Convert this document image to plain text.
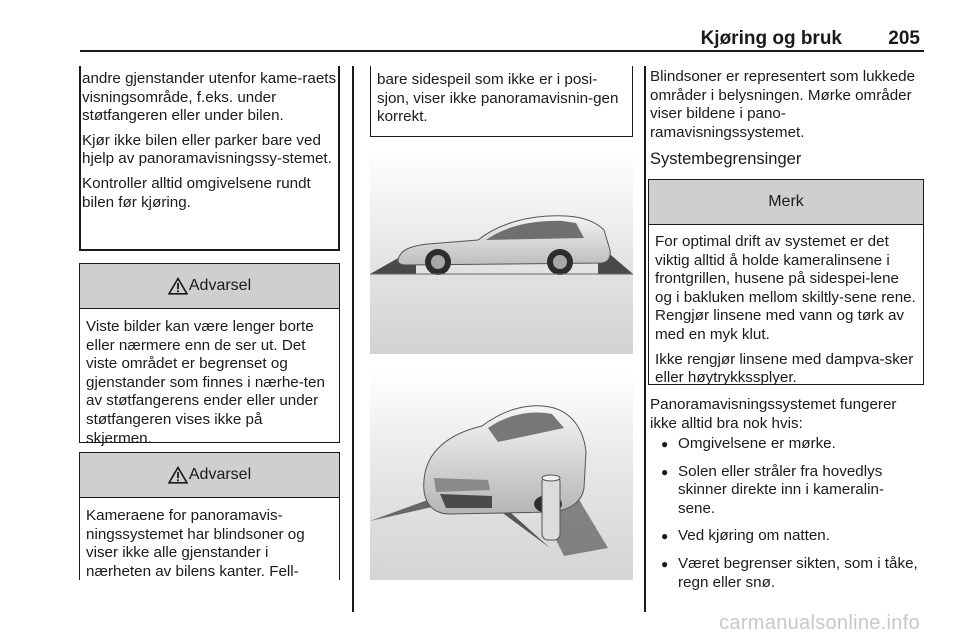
Kjøring og bruk 205

andre gjenstander utenfor kame-raets visningsområde, f.eks. under støtfangeren eller under bilen.

Kjør ikke bilen eller parker bare ved hjelp av panoramavisningssy-stemet.

Kontroller alltid omgivelsene rundt bilen før kjøring.

Advarsel
Viste bilder kan være lenger borte eller nærmere enn de ser ut. Det viste området er begrenset og gjenstander som finnes i nærhe-ten av støtfangerens ender eller under støtfangeren vises ikke på skjermen.
Advarsel
Kameraene for panoramavis-ningssystemet har blindsoner og viser ikke alle gjenstander i nærheten av bilens kanter. Fell-
bare sidespeil som ikke er i posi-sjon, viser ikke panoramavisnin-gen korrekt.
Blindsoner er representert som lukkede områder i belysningen. Mørke områder viser bildene i pano-ramavisningssystemet.
Systembegrensinger
Merk

For optimal drift av systemet er det viktig alltid å holde kameralinsene i frontgrillen, husene på sidespei-lene og i bakluken mellom skiltly-sene rene. Rengjør linsene med vann og tørk av med en myk klut.

Ikke rengjør linsene med dampva-sker eller høytrykkssplyer.

Panoramavisningssystemet fungerer ikke alltid bra nok hvis:
● Omgivelsene er mørke.
● Solen eller stråler fra hovedlys skinner direkte inn i kameralin-sene.
● Ved kjøring om natten.
● Været begrenser sikten, som i tåke, regn eller snø.
carmanualsonline.info
